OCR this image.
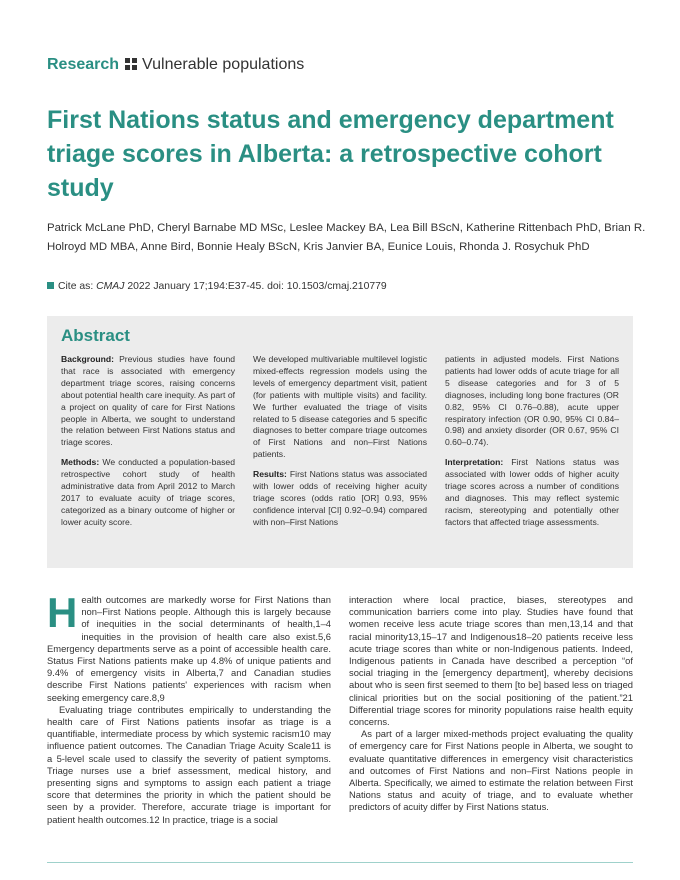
Research Vulnerable populations
First Nations status and emergency department triage scores in Alberta: a retrospective cohort study
Patrick McLane PhD, Cheryl Barnabe MD MSc, Leslee Mackey BA, Lea Bill BScN, Katherine Rittenbach PhD, Brian R. Holroyd MD MBA, Anne Bird, Bonnie Healy BScN, Kris Janvier BA, Eunice Louis, Rhonda J. Rosychuk PhD
Cite as: CMAJ 2022 January 17;194:E37-45. doi: 10.1503/cmaj.210779
Abstract

Background: Previous studies have found that race is associated with emergency department triage scores, raising concerns about potential health care inequity. As part of a project on quality of care for First Nations people in Alberta, we sought to understand the relation between First Nations status and triage scores.

Methods: We conducted a population-based retrospective cohort study of health administrative data from April 2012 to March 2017 to evaluate acuity of triage scores, categorized as a binary outcome of higher or lower acuity score.

We developed multivariable multilevel logistic mixed-effects regression models using the levels of emergency department visit, patient (for patients with multiple visits) and facility. We further evaluated the triage of visits related to 5 disease categories and 5 specific diagnoses to better compare triage outcomes of First Nations and non–First Nations patients.

Results: First Nations status was associated with lower odds of receiving higher acuity triage scores (odds ratio [OR] 0.93, 95% confidence interval [CI] 0.92–0.94) compared with non–First Nations

patients in adjusted models. First Nations patients had lower odds of acute triage for all 5 disease categories and for 3 of 5 diagnoses, including long bone fractures (OR 0.82, 95% CI 0.76–0.88), acute upper respiratory infection (OR 0.90, 95% CI 0.84–0.98) and anxiety disorder (OR 0.67, 95% CI 0.60–0.74).

Interpretation: First Nations status was associated with lower odds of higher acuity triage scores across a number of conditions and diagnoses. This may reflect systemic racism, stereotyping and potentially other factors that affected triage assessments.

Health outcomes are markedly worse for First Nations than non–First Nations people. Although this is largely because of inequities in the social determinants of health,1–4 inequities in the provision of health care also exist.5,6 Emergency departments serve as a point of accessible health care. Status First Nations patients make up 4.8% of unique patients and 9.4% of emergency visits in Alberta,7 and Canadian studies describe First Nations patients' experiences with racism when seeking emergency care.8,9

Evaluating triage contributes empirically to understanding the health care of First Nations patients insofar as triage is a quantifiable, intermediate process by which systemic racism10 may influence patient outcomes. The Canadian Triage Acuity Scale11 is a 5-level scale used to classify the severity of patient symptoms. Triage nurses use a brief assessment, medical history, and presenting signs and symptoms to assign each patient a triage score that determines the priority in which the patient should be seen by a provider. Therefore, accurate triage is important for patient health outcomes.12 In practice, triage is a social

interaction where local practice, biases, stereotypes and communication barriers come into play. Studies have found that women receive less acute triage scores than men,13,14 and that racial minority13,15–17 and Indigenous18–20 patients receive less acute triage scores than white or non-Indigenous patients. Indeed, Indigenous patients in Canada have described a perception “of social triaging in the [emergency department], whereby decisions about who is seen first seemed to them [to be] based less on triaged clinical priorities but on the social positioning of the patient.”21 Differential triage scores for minority populations raise health equity concerns.

As part of a larger mixed-methods project evaluating the quality of emergency care for First Nations people in Alberta, we sought to evaluate quantitative differences in emergency visit characteristics and outcomes of First Nations and non–First Nations people in Alberta. Specifically, we aimed to estimate the relation between First Nations status and acuity of triage, and to evaluate whether predictors of acuity differ by First Nations status.
